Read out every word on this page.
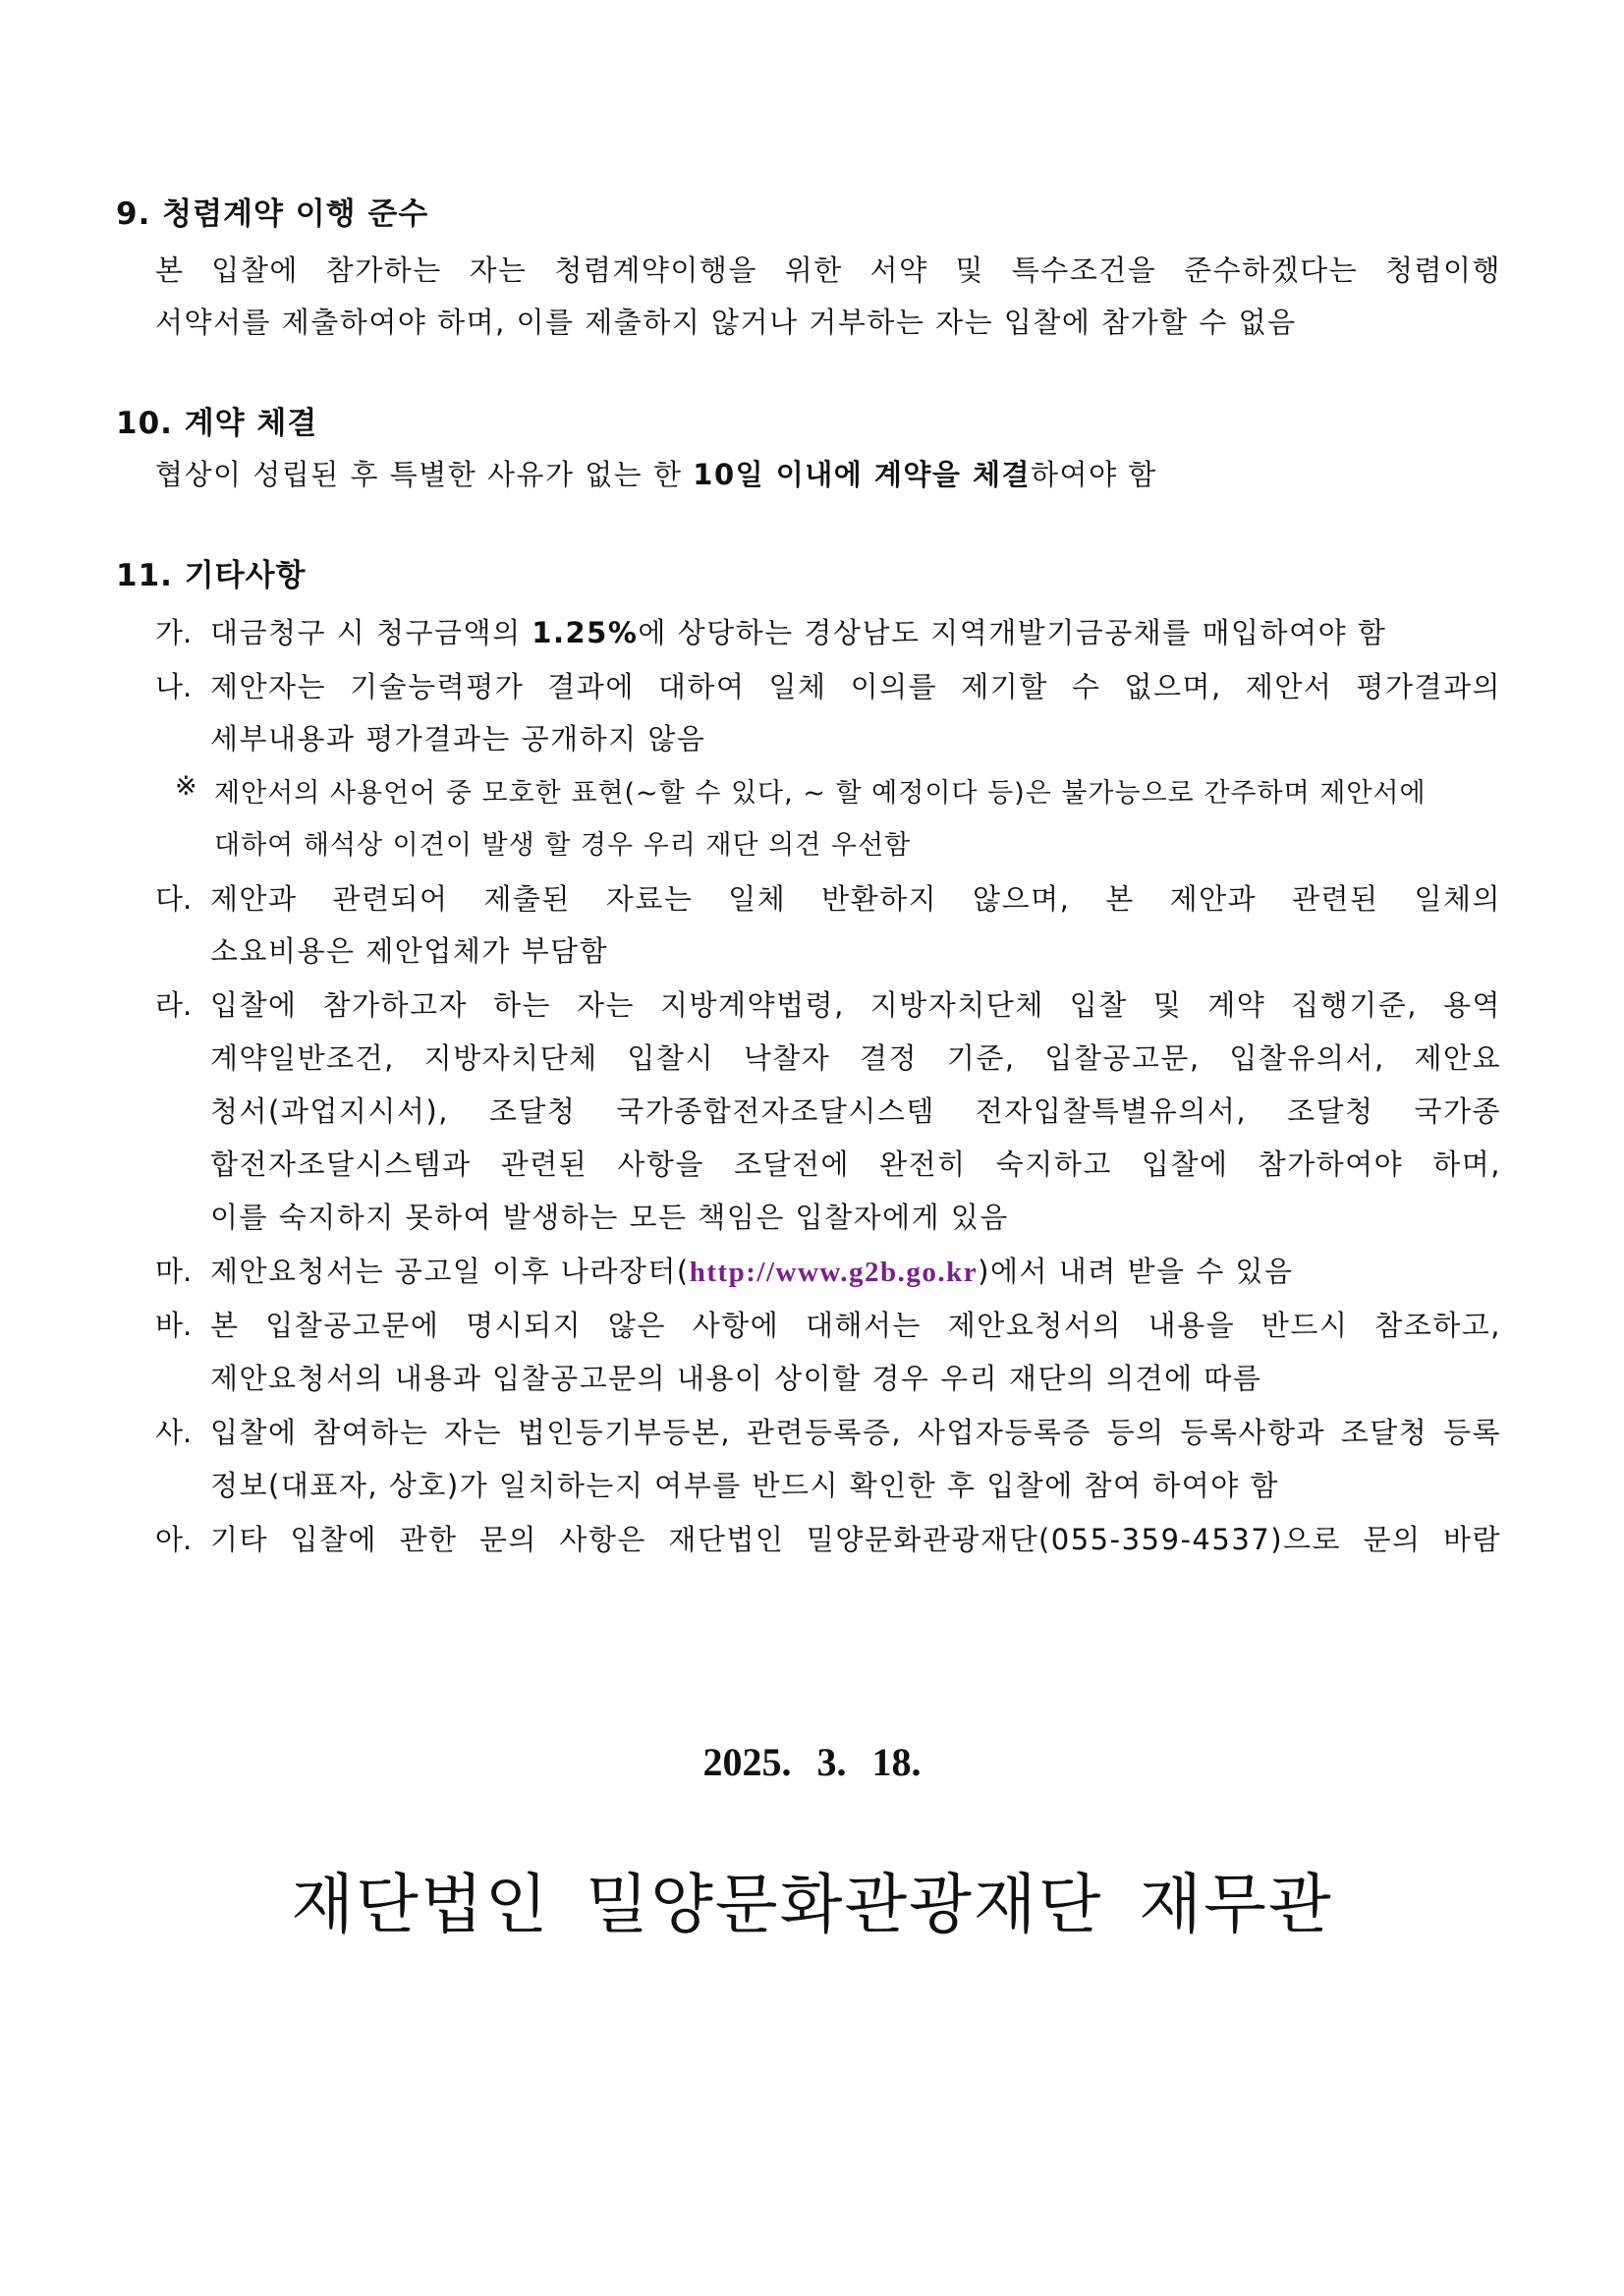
9. 청렴계약 이행 준수
본 입찰에 참가하는 자는 청렴계약이행을 위한 서약 및 특수조건을 준수하겠다는 청렴이행
서약서를 제출하여야 하며, 이를 제출하지 않거나 거부하는 자는 입찰에 참가할 수 없음
10. 계약 체결
협상이 성립된 후 특별한 사유가 없는 한 10일 이내에 계약을 체결하여야 함
11. 기타사항
가. 대금청구 시 청구금액의 1.25%에 상당하는 경상남도 지역개발기금공채를 매입하여야 함
나. 제안자는 기술능력평가 결과에 대하여 일체 이의를 제기할 수 없으며, 제안서 평가결과의
세부내용과 평가결과는 공개하지 않음
※ 제안서의 사용언어 중 모호한 표현(~할 수 있다, ~ 할 예정이다 등)은 불가능으로 간주하며 제안서에
대하여 해석상 이견이 발생 할 경우 우리 재단 의견 우선함
다. 제안과 관련되어 제출된 자료는 일체 반환하지 않으며, 본 제안과 관련된 일체의
소요비용은 제안업체가 부담함
라. 입찰에 참가하고자 하는 자는 지방계약법령, 지방자치단체 입찰 및 계약 집행기준, 용역
계약일반조건, 지방자치단체 입찰시 낙찰자 결정 기준, 입찰공고문, 입찰유의서, 제안요
청서(과업지시서), 조달청 국가종합전자조달시스템 전자입찰특별유의서, 조달청 국가종
합전자조달시스템과 관련된 사항을 조달전에 완전히 숙지하고 입찰에 참가하여야 하며,
이를 숙지하지 못하여 발생하는 모든 책임은 입찰자에게 있음
마. 제안요청서는 공고일 이후 나라장터(http://www.g2b.go.kr)에서 내려 받을 수 있음
바. 본 입찰공고문에 명시되지 않은 사항에 대해서는 제안요청서의 내용을 반드시 참조하고,
제안요청서의 내용과 입찰공고문의 내용이 상이할 경우 우리 재단의 의견에 따름
사. 입찰에 참여하는 자는 법인등기부등본, 관련등록증, 사업자등록증 등의 등록사항과 조달청 등록
정보(대표자, 상호)가 일치하는지 여부를 반드시 확인한 후 입찰에 참여 하여야 함
아. 기타 입찰에 관한 문의 사항은 재단법인 밀양문화관광재단(055-359-4537)으로 문의 바람
2025. 3. 18.
재단법인 밀양문화관광재단 재무관
